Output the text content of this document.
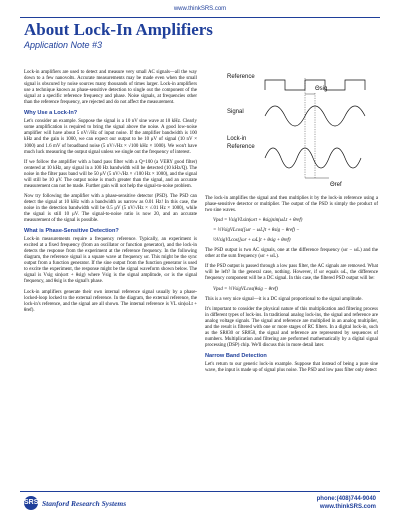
www.thinkSRS.com
About Lock-In Amplifiers
Application Note #3

Lock-in amplifiers are used to detect and measure very small AC signals—all the way down to a few nanovolts. Accurate measurements may be made even when the small signal is obscured by noise sources many thousands of times larger. Lock-in amplifiers use a technique known as phase-sensitive detection to single out the component of the signal at a specific reference frequency and phase. Noise signals, at frequencies other than the reference frequency, are rejected and do not affect the measurement.

Why Use a Lock-In?

Let's consider an example. Suppose the signal is a 10 nV sine wave at 10 kHz. Clearly some amplification is required to bring the signal above the noise. A good low-noise amplifier will have about 5 nV/√Hz of input noise. If the amplifier bandwidth is 100 kHz and the gain is 1000, we can expect our output to be 10 μV of signal (10 nV × 1000) and 1.6 mV of broadband noise (5 nV/√Hz × √100 kHz × 1000). We won't have much luck measuring the output signal unless we single out the frequency of interest.

If we follow the amplifier with a band pass filter with a Q=100 (a VERY good filter) centered at 10 kHz, any signal in a 100 Hz bandwidth will be detected (10 kHz/Q). The noise in the filter pass band will be 50 μV (5 nV/√Hz × √100 Hz × 1000), and the signal will still be 10 μV. The output noise is much greater than the signal, and an accurate measurement can not be made. Further gain will not help the signal-to-noise problem.

Now try following the amplifier with a phase-sensitive detector (PSD). The PSD can detect the signal at 10 kHz with a bandwidth as narrow as 0.01 Hz! In this case, the noise in the detection bandwidth will be 0.5 μV (5 nV/√Hz × √.01 Hz × 1000), while the signal is still 10 μV. The signal-to-noise ratio is now 20, and an accurate measurement of the signal is possible.

What is Phase-Sensitive Detection?

Lock-in measurements require a frequency reference. Typically, an experiment is excited at a fixed frequency (from an oscillator or function generator), and the lock-in detects the response from the experiment at the reference frequency. In the following diagram, the reference signal is a square wave at frequency ωr. This might be the sync output from a function generator. If the sine output from the function generator is used to excite the experiment, the response might be the signal waveform shown below. The signal is Vsig sin(ωrt + θsig) where Vsig is the signal amplitude, ωr is the signal frequency, and θsig is the signal's phase.

Lock-in amplifiers generate their own internal reference signal usually by a phase-locked-loop locked to the external reference. In the diagram, the external reference, the lock-in's reference, and the signal are all shown. The internal reference is VL sin(ωLt + θref).

Reference
Signal
Lock-in
Reference
Θsig
Θref

The lock-in amplifies the signal and then multiplies it by the lock-in reference using a phase-sensitive detector or multiplier. The output of the PSD is simply the product of two sine waves.

Vpsd = VsigVLsin(ωrt + θsig)sin(ωLt + θref)
= ½VsigVLcos([ωr − ωL]t + θsig − θref) −
½VsigVLcos([ωr + ωL]t + θsig + θref)

The PSD output is two AC signals, one at the difference frequency (ωr − ωL) and the other at the sum frequency (ωr + ωL).

If the PSD output is passed through a low pass filter, the AC signals are removed. What will be left? In the general case, nothing. However, if ωr equals ωL, the difference frequency component will be a DC signal. In this case, the filtered PSD output will be:

Vpsd = ½VsigVLcos(θsig − θref)

This is a very nice signal—it is a DC signal proportional to the signal amplitude.

It's important to consider the physical nature of this multiplication and filtering process in different types of lock-ins. In traditional analog lock-ins, the signal and reference are analog voltage signals. The signal and reference are multiplied in an analog multiplier, and the result is filtered with one or more stages of RC filters. In a digital lock-in, such as the SR830 or SR850, the signal and reference are represented by sequences of numbers. Multiplication and filtering are performed mathematically by a digital signal processing (DSP) chip. We'll discuss this in more detail later.

Narrow Band Detection

Let's return to our generic lock-in example. Suppose that instead of being a pure sine wave, the input is made up of signal plus noise. The PSD and low pass filter only detect

SRS Stanford Research Systems	phone:(408)744-9040
www.thinkSRS.com
